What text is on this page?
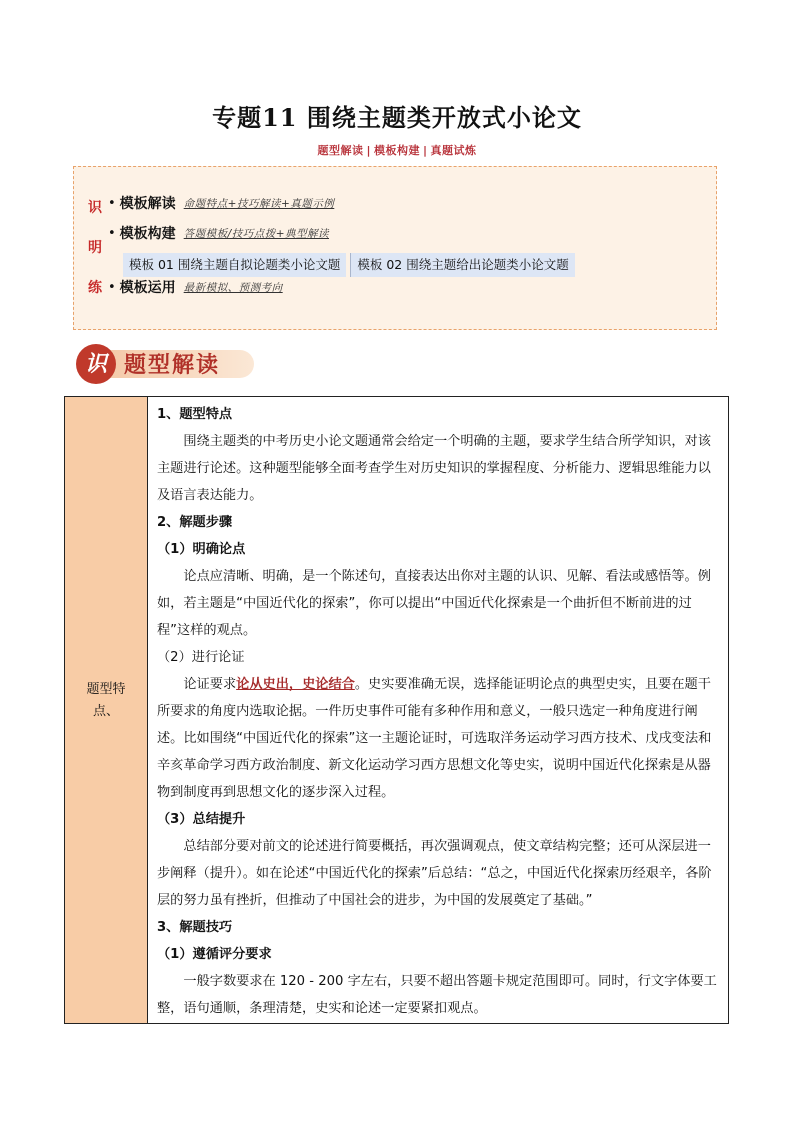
专题11 围绕主题类开放式小论文
题型解读 | 模板构建 | 真题试炼
识
明
练
• 模板解读 命题特点+技巧解读+真题示例
• 模板构建 答题模板/技巧点拨+典型解读
模板 01 围绕主题自拟论题类小论文题	模板 02 围绕主题给出论题类小论文题
• 模板运用 最新模拟、预测考向
识 题型解读
题型特
点、

1、题型特点

围绕主题类的中考历史小论文题通常会给定一个明确的主题，要求学生结合所学知识，对该主题进行论述。这种题型能够全面考查学生对历史知识的掌握程度、分析能力、逻辑思维能力以及语言表达能力。

2、解题步骤

（1）明确论点

论点应清晰、明确，是一个陈述句，直接表达出你对主题的认识、见解、看法或感悟等。例如，若主题是“中国近代化的探索”，你可以提出“中国近代化探索是一个曲折但不断前进的过程”这样的观点。

（2）进行论证

论证要求论从史出，史论结合。史实要准确无误，选择能证明论点的典型史实，且要在题干所要求的角度内选取论据。一件历史事件可能有多种作用和意义，一般只选定一种角度进行阐述。比如围绕“中国近代化的探索”这一主题论证时，可选取洋务运动学习西方技术、戊戌变法和辛亥革命学习西方政治制度、新文化运动学习西方思想文化等史实，说明中国近代化探索是从器物到制度再到思想文化的逐步深入过程。

（3）总结提升

总结部分要对前文的论述进行简要概括，再次强调观点，使文章结构完整；还可从深层进一步阐释（提升）。如在论述“中国近代化的探索”后总结：“总之，中国近代化探索历经艰辛，各阶层的努力虽有挫折，但推动了中国社会的进步，为中国的发展奠定了基础。”

3、解题技巧

（1）遵循评分要求

一般字数要求在 120 - 200 字左右，只要不超出答题卡规定范围即可。同时，行文字体要工整，语句通顺，条理清楚，史实和论述一定要紧扣观点。
